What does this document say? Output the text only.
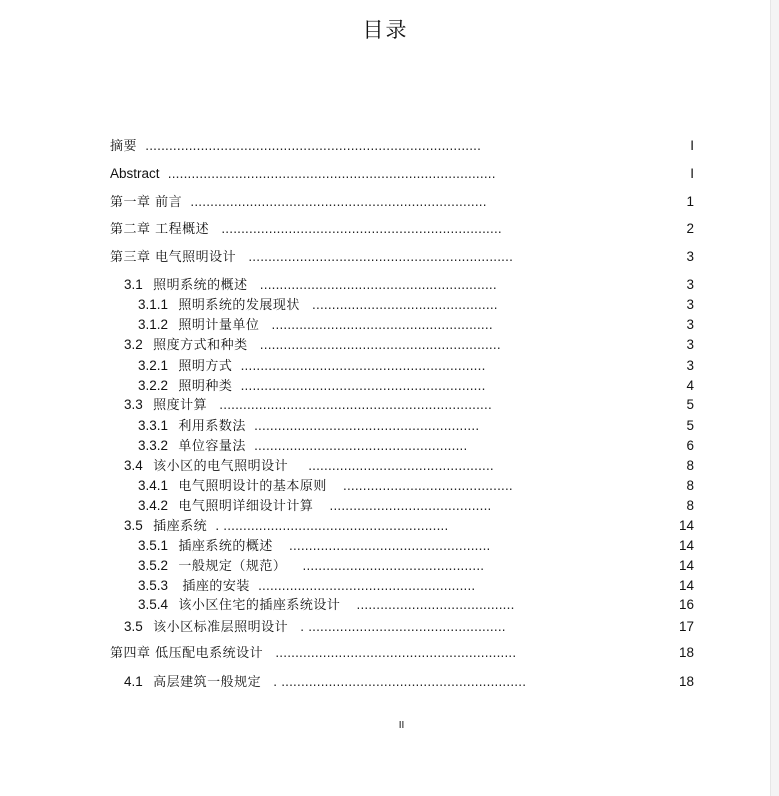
目录
摘要  .....................................................................................	I
Abstract  ...................................................................................	I
第一章 前言  ...........................................................................	1
第二章 工程概述   .......................................................................	2
第三章 电气照明设计   ...................................................................	3
3.1 照明系统的概述   ............................................................	3
3.1.1 照明系统的发展现状   ...............................................	3
3.1.2 照明计量单位   ........................................................	3
3.2 照度方式和种类   .............................................................	3
3.2.1 照明方式  ..............................................................	3
3.2.2 照明种类  ..............................................................	4
3.3 照度计算   .....................................................................	5
3.3.1 利用系数法  .........................................................	5
3.3.2 单位容量法  ......................................................	6
3.4 该小区的电气照明设计     ...............................................	8
3.4.1 电气照明设计的基本原则    ...........................................	8
3.4.2 电气照明详细设计计算    .........................................	8
3.5 插座系统  . .........................................................	14
3.5.1 插座系统的概述    ...................................................	14
3.5.2 一般规定（规范）    ..............................................	14
3.5.3 插座的安装  .......................................................	14
3.5.4 该小区住宅的插座系统设计    ........................................	16
3.5 该小区标准层照明设计   . ..................................................	17
第四章 低压配电系统设计   .............................................................	18
4.1 高层建筑一般规定   . ..............................................................	18
II
